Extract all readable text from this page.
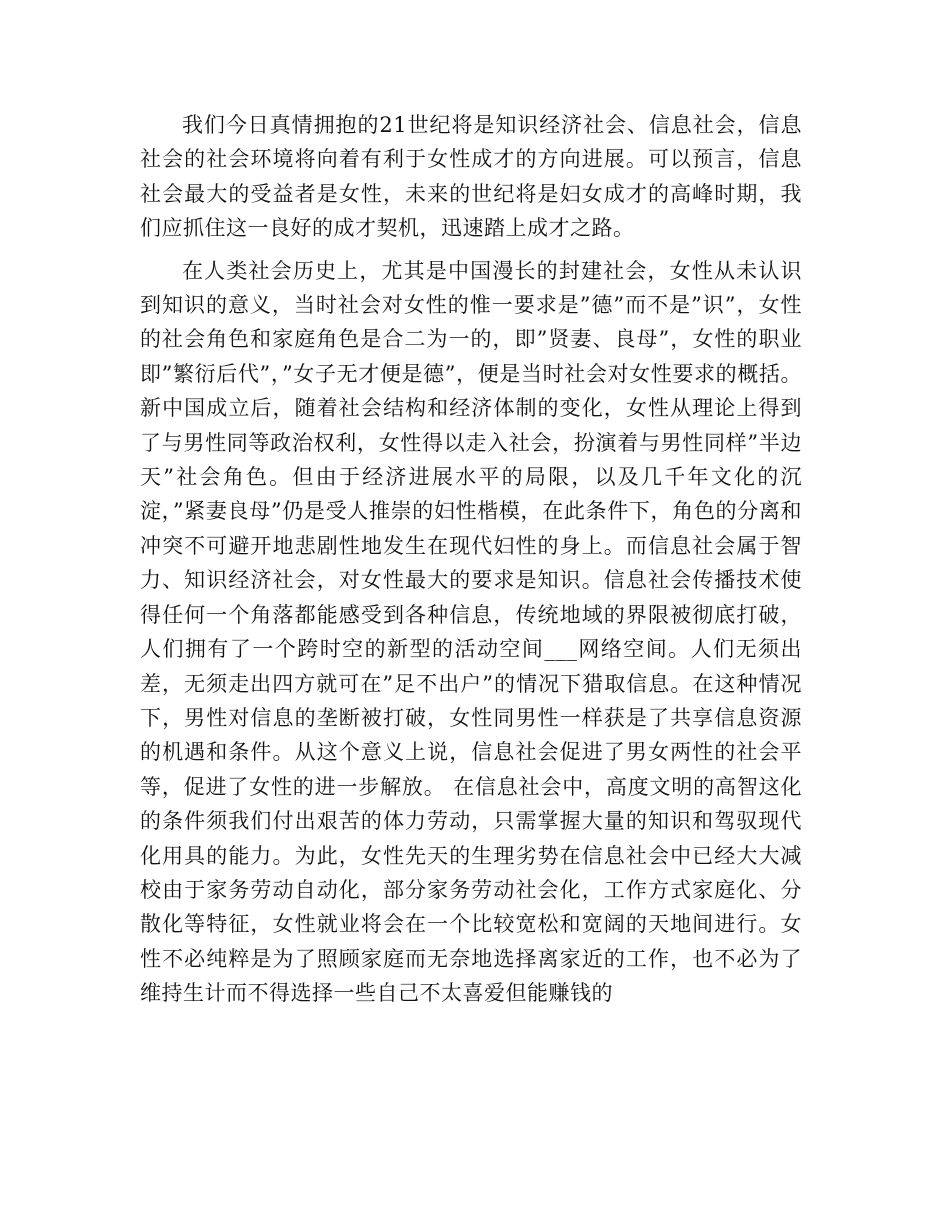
我们今日真情拥抱的21世纪将是知识经济社会、信息社会，信息社会的社会环境将向着有利于女性成才的方向进展。可以预言，信息社会最大的受益者是女性，未来的世纪将是妇女成才的高峰时期，我们应抓住这一良好的成才契机，迅速踏上成才之路。

在人类社会历史上，尤其是中国漫长的封建社会，女性从未认识到知识的意义，当时社会对女性的惟一要求是”德”而不是”识”，女性的社会角色和家庭角色是合二为一的，即”贤妻、良母”，女性的职业即”繁衍后代”，”女子无才便是德”，便是当时社会对女性要求的概括。 新中国成立后，随着社会结构和经济体制的变化，女性从理论上得到了与男性同等政治权利，女性得以走入社会，扮演着与男性同样”半边天”社会角色。但由于经济进展水平的局限，以及几千年文化的沉淀，”紧妻良母”仍是受人推崇的妇性楷模，在此条件下，角色的分离和冲突不可避开地悲剧性地发生在现代妇性的身上。而信息社会属于智力、知识经济社会，对女性最大的要求是知识。信息社会传播技术使得任何一个角落都能感受到各种信息，传统地域的界限被彻底打破，人们拥有了一个跨时空的新型的活动空间___网络空间。人们无须出差，无须走出四方就可在”足不出户”的情况下猎取信息。在这种情况下，男性对信息的垄断被打破，女性同男性一样获是了共享信息资源的机遇和条件。从这个意义上说，信息社会促进了男女两性的社会平等，促进了女性的进一步解放。 在信息社会中，高度文明的高智这化的条件须我们付出艰苦的体力劳动，只需掌握大量的知识和驾驭现代化用具的能力。为此，女性先天的生理劣势在信息社会中已经大大减校由于家务劳动自动化，部分家务劳动社会化，工作方式家庭化、分散化等特征，女性就业将会在一个比较宽松和宽阔的天地间进行。女性不必纯粹是为了照顾家庭而无奈地选择离家近的工作，也不必为了维持生计而不得选择一些自己不太喜爱但能赚钱的
